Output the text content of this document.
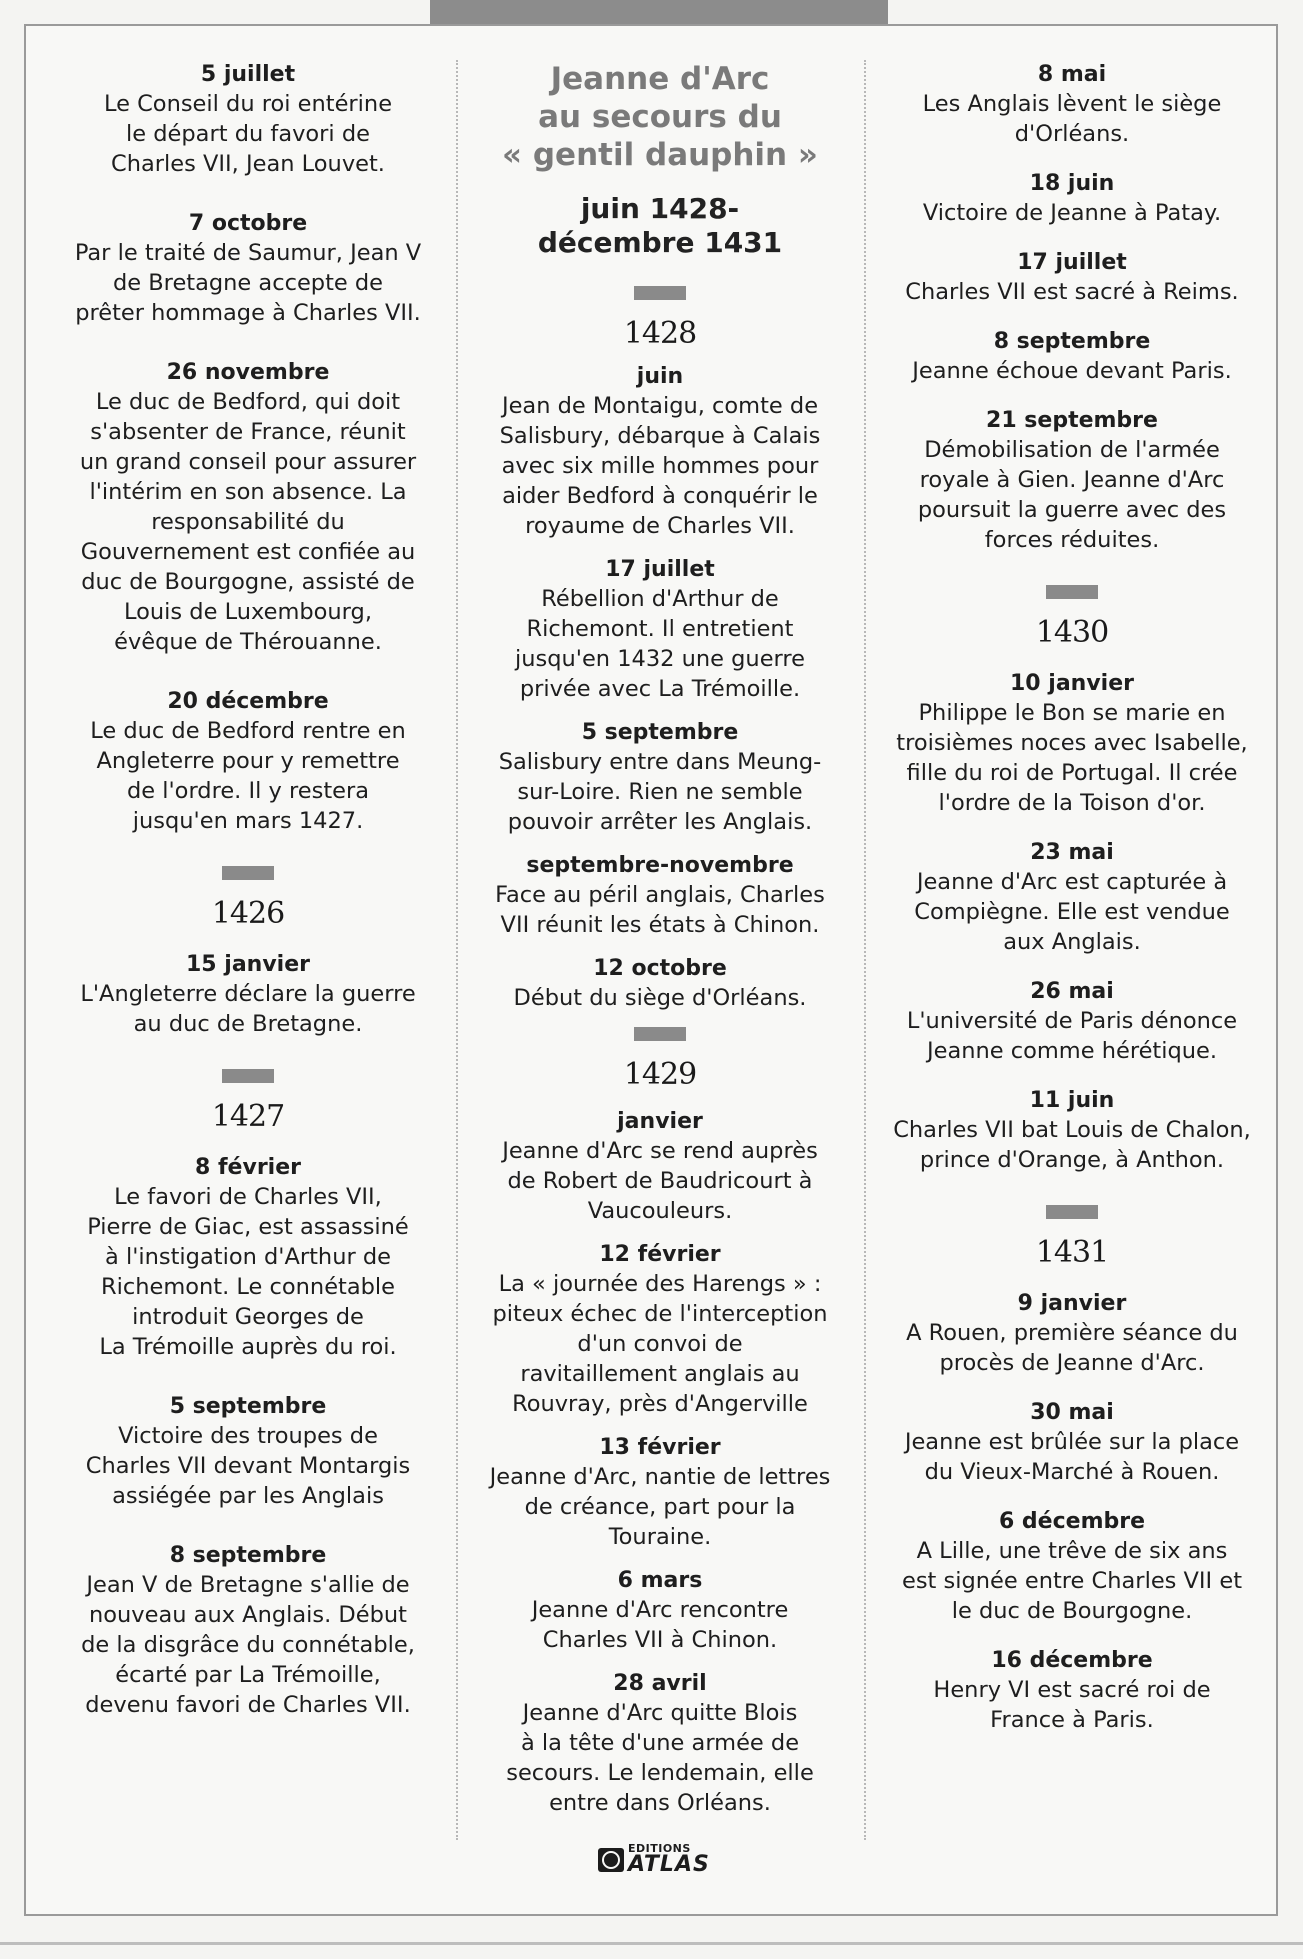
5 juillet
Le Conseil du roi entérine
le départ du favori de
Charles VII, Jean Louvet.
7 octobre
Par le traité de Saumur, Jean V
de Bretagne accepte de
prêter hommage à Charles VII.
26 novembre
Le duc de Bedford, qui doit
s'absenter de France, réunit
un grand conseil pour assurer
l'intérim en son absence. La
responsabilité du
Gouvernement est confiée au
duc de Bourgogne, assisté de
Louis de Luxembourg,
évêque de Thérouanne.
20 décembre
Le duc de Bedford rentre en
Angleterre pour y remettre
de l'ordre. Il y restera
jusqu'en mars 1427.
1426
15 janvier
L'Angleterre déclare la guerre
au duc de Bretagne.
1427
8 février
Le favori de Charles VII,
Pierre de Giac, est assassiné
à l'instigation d'Arthur de
Richemont. Le connétable
introduit Georges de
La Trémoille auprès du roi.
5 septembre
Victoire des troupes de
Charles VII devant Montargis
assiégée par les Anglais
8 septembre
Jean V de Bretagne s'allie de
nouveau aux Anglais. Début
de la disgrâce du connétable,
écarté par La Trémoille,
devenu favori de Charles VII.
Jeanne d'Arc
au secours du
« gentil dauphin »
juin 1428-
décembre 1431
1428
juin
Jean de Montaigu, comte de
Salisbury, débarque à Calais
avec six mille hommes pour
aider Bedford à conquérir le
royaume de Charles VII.
17 juillet
Rébellion d'Arthur de
Richemont. Il entretient
jusqu'en 1432 une guerre
privée avec La Trémoille.
5 septembre
Salisbury entre dans Meung-
sur-Loire. Rien ne semble
pouvoir arrêter les Anglais.
septembre-novembre
Face au péril anglais, Charles
VII réunit les états à Chinon.
12 octobre
Début du siège d'Orléans.
1429
janvier
Jeanne d'Arc se rend auprès
de Robert de Baudricourt à
Vaucouleurs.
12 février
La « journée des Harengs » :
piteux échec de l'interception
d'un convoi de
ravitaillement anglais au
Rouvray, près d'Angerville
13 février
Jeanne d'Arc, nantie de lettres
de créance, part pour la Touraine.
6 mars
Jeanne d'Arc rencontre
Charles VII à Chinon.
28 avril
Jeanne d'Arc quitte Blois
à la tête d'une armée de
secours. Le lendemain, elle
entre dans Orléans.
8 mai
Les Anglais lèvent le siège
d'Orléans.
18 juin
Victoire de Jeanne à Patay.
17 juillet
Charles VII est sacré à Reims.
8 septembre
Jeanne échoue devant Paris.
21 septembre
Démobilisation de l'armée
royale à Gien. Jeanne d'Arc
poursuit la guerre avec des
forces réduites.
1430
10 janvier
Philippe le Bon se marie en
troisièmes noces avec Isabelle,
fille du roi de Portugal. Il crée
l'ordre de la Toison d'or.
23 mai
Jeanne d'Arc est capturée à
Compiègne. Elle est vendue
aux Anglais.
26 mai
L'université de Paris dénonce
Jeanne comme hérétique.
11 juin
Charles VII bat Louis de Chalon,
prince d'Orange, à Anthon.
1431
9 janvier
A Rouen, première séance du
procès de Jeanne d'Arc.
30 mai
Jeanne est brûlée sur la place
du Vieux-Marché à Rouen.
6 décembre
A Lille, une trêve de six ans
est signée entre Charles VII et
le duc de Bourgogne.
16 décembre
Henry VI est sacré roi de
France à Paris.
EDITIONS
ATLAS
